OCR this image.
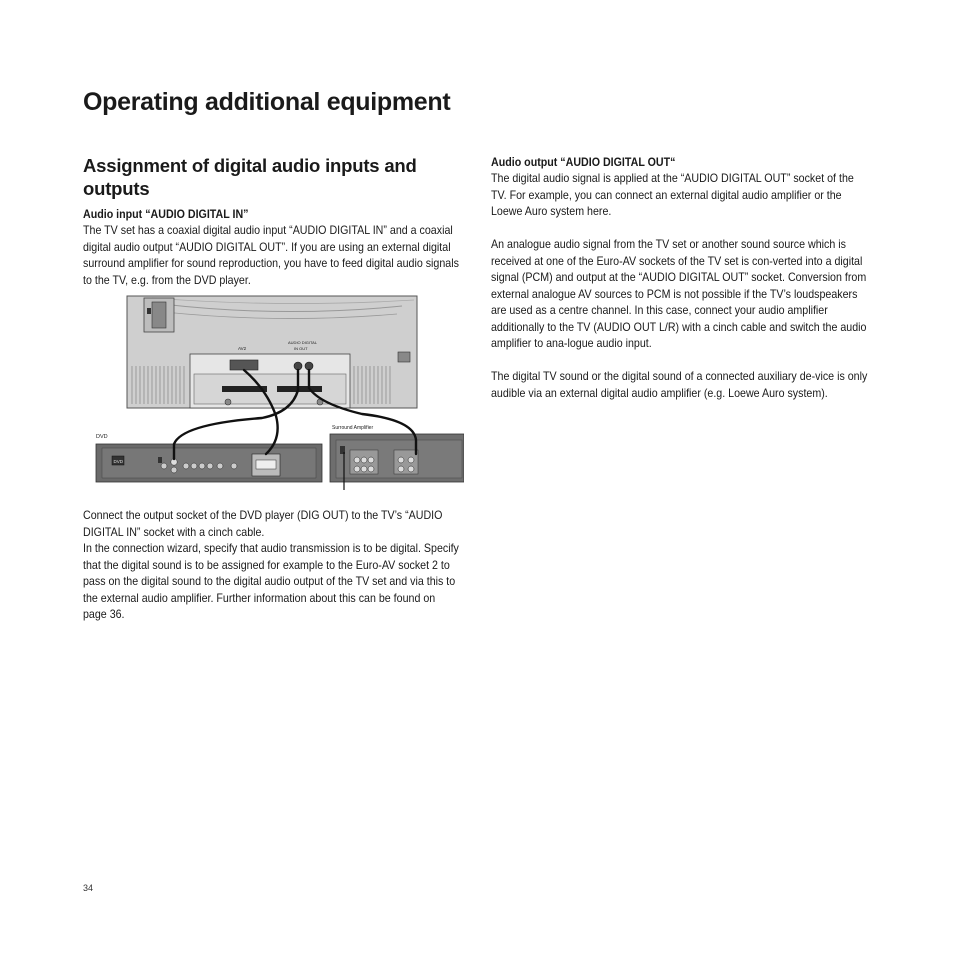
Operating additional equipment
Assignment of digital audio inputs and outputs
Audio input “AUDIO DIGITAL IN”

The TV set has a coaxial digital audio input “AUDIO DIGITAL IN” and a coaxial digital audio output “AUDIO DIGITAL OUT”. If you are using an external digital surround amplifier for sound reproduction, you have to feed digital audio signals to the TV, e.g. from the DVD player.

AV2
AUDIO DIGITAL
IN OUT
DVD
DVD
Surround Amplifier

Connect the output socket of the DVD player (DIG OUT) to the TV’s “AUDIO DIGITAL IN” socket with a cinch cable.

In the connection wizard, specify that audio transmission is to be digital. Specify that the digital sound is to be assigned for example to the Euro-AV socket 2 to pass on the digital sound to the digital audio output of the TV set and via this to the external audio amplifier. Further information about this can be found on page 36.

Audio output “AUDIO DIGITAL OUT“

The digital audio signal is applied at the “AUDIO DIGITAL OUT” socket of the TV. For example, you can connect an external digital audio amplifier or the Loewe Auro system here.

An analogue audio signal from the TV set or another sound source which is received at one of the Euro-AV sockets of the TV set is con-verted into a digital signal (PCM) and output at the “AUDIO DIGITAL OUT” socket. Conversion from external analogue AV sources to PCM is not possible if the TV’s loudspeakers are used as a centre channel. In this case, connect your audio amplifier additionally to the TV (AUDIO OUT L/R) with a cinch cable and switch the audio amplifier to ana-logue audio input.

The digital TV sound or the digital sound of a connected auxiliary de-vice is only audible via an external digital audio amplifier (e.g. Loewe Auro system).

34
